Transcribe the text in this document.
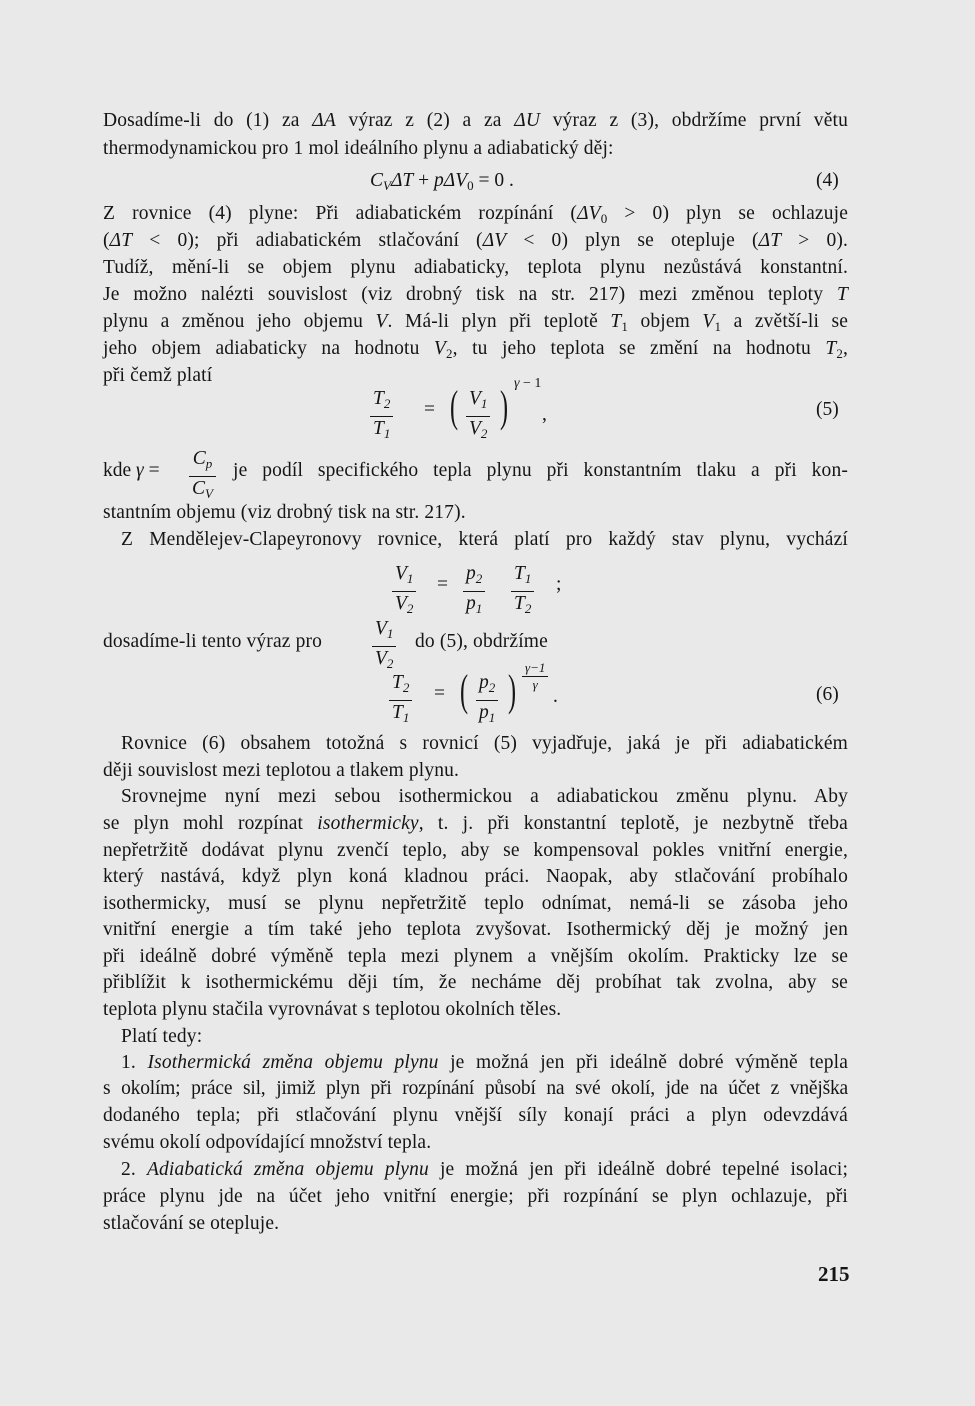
Dosadíme-li do (1) za ΔA výraz z (2) a za ΔU výraz z (3), obdržíme první větu
thermodynamickou pro 1 mol ideálního plynu a adiabatický děj:
$C_V\Delta T + p\Delta V_0 = 0$ .	(4)
Z rovnice (4) plyne: Při adiabatickém rozpínání $(\Delta V_0 > 0)$ plyn se ochlazuje
(ΔT < 0); při adiabatickém stlačování (ΔV < 0) plyn se otepluje (ΔT > 0).
Tudíž, mění-li se objem plynu adiabaticky, teplota plynu nezůstává konstantní.
Je možno nalézti souvislost (viz drobný tisk na str. 217) mezi změnou teploty T
plynu a změnou jeho objemu V. Má-li plyn při teplotě $T_1$ objem $V_1$ a zvětší-li se
jeho objem adiabaticky na hodnotu $V_2$, tu jeho teplota se změní na hodnotu $T_2$,
při čemž platí
$T_2$
$T_1$
= ( $V_1$
$V_2$
) γ − 1
,	(5)
kde γ =
$C_p$
$C_V$
je podíl specifického tepla plynu při konstantním tlaku a při kon-
stantním objemu (viz drobný tisk na str. 217).
Z Mendělejev-Clapeyronovy rovnice, která platí pro každý stav plynu, vychází
$V_1$
$V_2$
=
$p_2$
$p_1$
$T_1$
$T_2$
;
dosadíme-li tento výraz pro
$V_1$
$V_2$
do (5), obdržíme
$T_2$
$T_1$
= ( $p_2$
$p_1$
) γ−1
γ
.	(6)
Rovnice (6) obsahem totožná s rovnicí (5) vyjadřuje, jaká je při adiabatickém
ději souvislost mezi teplotou a tlakem plynu.
Srovnejme nyní mezi sebou isothermickou a adiabatickou změnu plynu. Aby
se plyn mohl rozpínat isothermicky, t. j. při konstantní teplotě, je nezbytně třeba
nepřetržitě dodávat plynu zvenčí teplo, aby se kompensoval pokles vnitřní energie,
který nastává, když plyn koná kladnou práci. Naopak, aby stlačování probíhalo
isothermicky, musí se plynu nepřetržitě teplo odnímat, nemá-li se zásoba jeho
vnitřní energie a tím také jeho teplota zvyšovat. Isothermický děj je možný jen
při ideálně dobré výměně tepla mezi plynem a vnějším okolím. Prakticky lze se
přiblížit k isothermickému ději tím, že necháme děj probíhat tak zvolna, aby se
teplota plynu stačila vyrovnávat s teplotou okolních těles.
Platí tedy:
1. Isothermická změna objemu plynu je možná jen při ideálně dobré výměně tepla
s okolím; práce sil, jimiž plyn při rozpínání působí na své okolí, jde na účet z vnějška
dodaného tepla; při stlačování plynu vnější síly konají práci a plyn odevzdává
svému okolí odpovídající množství tepla.
2. Adiabatická změna objemu plynu je možná jen při ideálně dobré tepelné isolaci;
práce plynu jde na účet jeho vnitřní energie; při rozpínání se plyn ochlazuje, při
stlačování se otepluje.
215
